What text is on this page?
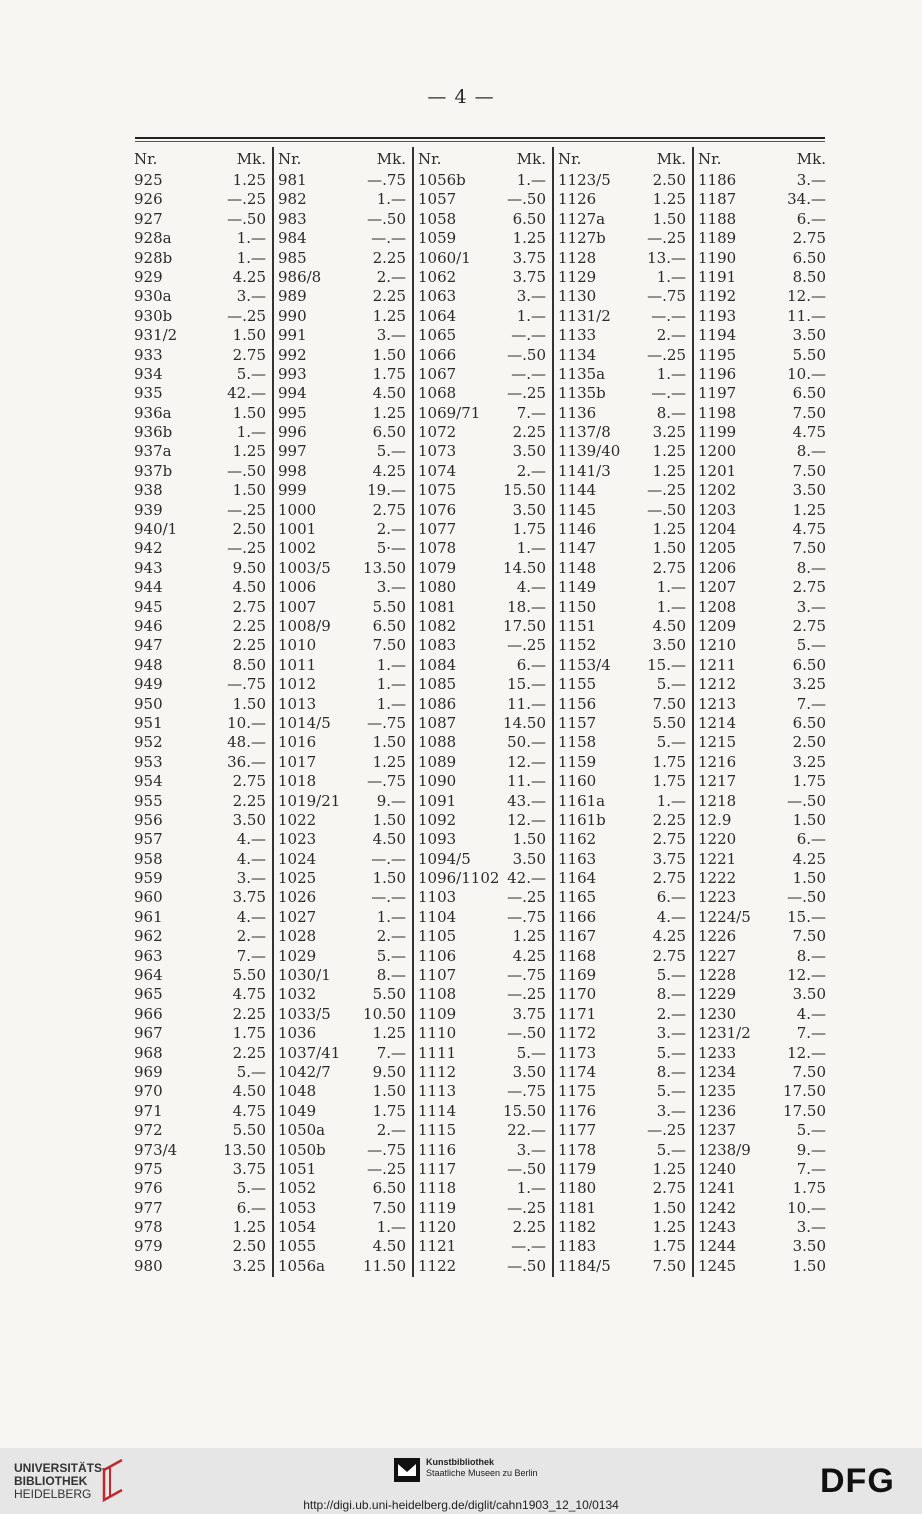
— 4 —
Nr.	Mk.
925	1.25
926	—.25
927	—.50
928a	1.—
928b	1.—
929	4.25
930a	3.—
930b	—.25
931/2	1.50
933	2.75
934	5.—
935	42.—
936a	1.50
936b	1.—
937a	1.25
937b	—.50
938	1.50
939	—.25
940/1	2.50
942	—.25
943	9.50
944	4.50
945	2.75
946	2.25
947	2.25
948	8.50
949	—.75
950	1.50
951	10.—
952	48.—
953	36.—
954	2.75
955	2.25
956	3.50
957	4.—
958	4.—
959	3.—
960	3.75
961	4.—
962	2.—
963	7.—
964	5.50
965	4.75
966	2.25
967	1.75
968	2.25
969	5.—
970	4.50
971	4.75
972	5.50
973/4	13.50
975	3.75
976	5.—
977	6.—
978	1.25
979	2.50
980	3.25
Nr.	Mk.
981	—.75
982	1.—
983	—.50
984	—.—
985	2.25
986/8	2.—
989	2.25
990	1.25
991	3.—
992	1.50
993	1.75
994	4.50
995	1.25
996	6.50
997	5.—
998	4.25
999	19.—
1000	2.75
1001	2.—
1002	5·—
1003/5 13.50
1006	3.—
1007	5.50
1008/9	6.50
1010	7.50
1011	1.—
1012	1.—
1013	1.—
1014/5 —.75
1016	1.50
1017	1.25
1018	—.75
1019/21 9.—
1022	1.50
1023	4.50
1024	—.—
1025	1.50
1026	—.—
1027	1.—
1028	2.—
1029	5.—
1030/1	8.—
1032	5.50
1033/5 10.50
1036	1.25
1037/41 7.—
1042/7	9.50
1048	1.50
1049	1.75
1050a	2.—
1050b	—.75
1051	—.25
1052	6.50
1053	7.50
1054	1.—
1055	4.50
1056a	11.50
Nr.	Mk.
1056b	1.—
1057	—.50
1058	6.50
1059	1.25
1060/1	3.75
1062	3.75
1063	3.—
1064	1.—
1065	—.—
1066	—.50
1067	—.—
1068	—.25
1069/71 7.—
1072	2.25
1073	3.50
1074	2.—
1075	15.50
1076	3.50
1077	1.75
1078	1.—
1079	14.50
1080	4.—
1081	18.—
1082	17.50
1083	—.25
1084	6.—
1085	15.—
1086	11.—
1087	14.50
1088	50.—
1089	12.—
1090	11.—
1091	43.—
1092	12.—
1093	1.50
1094/5	3.50
1096/1102 42.—
1103	—.25
1104	—.75
1105	1.25
1106	4.25
1107	—.75
1108	—.25
1109	3.75
1110	—.50
1111	5.—
1112	3.50
1113	—.75
1114	15.50
1115	22.—
1116	3.—
1117	—.50
1118	1.—
1119	—.25
1120	2.25
1121	—.—
1122	—.50
Nr.	Mk.
1123/5	2.50
1126	1.25
1127a	1.50
1127b	—.25
1128	13.—
1129	1.—
1130	—.75
1131/2	—.—
1133	2.—
1134	—.25
1135a	1.—
1135b	—.—
1136	8.—
1137/8	3.25
1139/40 1.25
1141/3	1.25
1144	—.25
1145	—.50
1146	1.25
1147	1.50
1148	2.75
1149	1.—
1150	1.—
1151	4.50
1152	3.50
1153/4 15.—
1155	5.—
1156	7.50
1157	5.50
1158	5.—
1159	1.75
1160	1.75
1161a	1.—
1161b	2.25
1162	2.75
1163	3.75
1164	2.75
1165	6.—
1166	4.—
1167	4.25
1168	2.75
1169	5.—
1170	8.—
1171	2.—
1172	3.—
1173	5.—
1174	8.—
1175	5.—
1176	3.—
1177	—.25
1178	5.—
1179	1.25
1180	2.75
1181	1.50
1182	1.25
1183	1.75
1184/5	7.50
Nr.	Mk.
1186	3.—
1187	34.—
1188	6.—
1189	2.75
1190	6.50
1191	8.50
1192	12.—
1193	11.—
1194	3.50
1195	5.50
1196	10.—
1197	6.50
1198	7.50
1199	4.75
1200	8.—
1201	7.50
1202	3.50
1203	1.25
1204	4.75
1205	7.50
1206	8.—
1207	2.75
1208	3.—
1209	2.75
1210	5.—
1211	6.50
1212	3.25
1213	7.—
1214	6.50
1215	2.50
1216	3.25
1217	1.75
1218	—.50
12.9	1.50
1220	6.—
1221	4.25
1222	1.50
1223	—.50
1224/5 15.—
1226	7.50
1227	8.—
1228	12.—
1229	3.50
1230	4.—
1231/2	7.—
1233	12.—
1234	7.50
1235	17.50
1236	17.50
1237	5.—
1238/9	9.—
1240	7.—
1241	1.75
1242	10.—
1243	3.—
1244	3.50
1245	1.50
UNIVERSITÄTS-
BIBLIOTHEK
HEIDELBERG
Kunstbibliothek
Staatliche Museen zu Berlin	DFG
http://digi.ub.uni-heidelberg.de/diglit/cahn1903_12_10/0134
